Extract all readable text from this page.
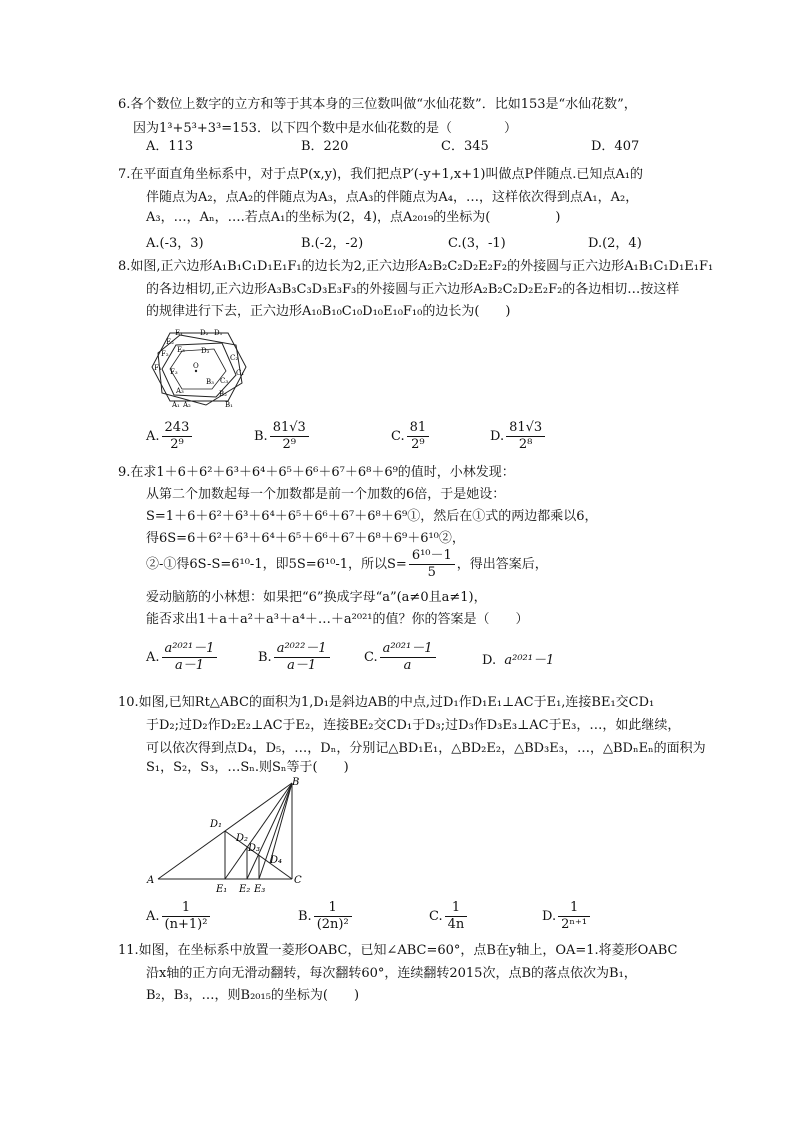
6.各个数位上数字的立方和等于其本身的三位数叫做“水仙花数”．比如153是“水仙花数”，
因为1³+5³+3³=153．以下四个数中是水仙花数的是（　　　　）
A．113	B．220	C．345	D．407
7.在平面直角坐标系中，对于点P(x,y)，我们把点P′(-y+1,x+1)叫做点P伴随点.已知点A₁的
伴随点为A₂，点A₂的伴随点为A₃，点A₃的伴随点为A₄，…，这样依次得到点A₁，A₂，
A₃，…，Aₙ，….若点A₁的坐标为(2，4)，点A₂₀₁₉的坐标为(　　　　　)
A.(-3，3)	B.(-2，-2)	C.(3，-1)	D.(2，4)
8.如图,正六边形A₁B₁C₁D₁E₁F₁的边长为2,正六边形A₂B₂C₂D₂E₂F₂的外接圆与正六边形A₁B₁C₁D₁E₁F₁
的各边相切,正六边形A₃B₃C₃D₃E₃F₃的外接圆与正六边形A₂B₂C₂D₂E₂F₂的各边相切…按这样
的规律进行下去，正六边形A₁₀B₁₀C₁₀D₁₀E₁₀F₁₀的边长为(　　)
E₁ D₂ D₁
E₂
E₃ D₃
C₂
F₂
F₁ F₃
O
B₃
C₁
A₃	B₂
A₁ A₂	B₁
C₃
A. $\frac{243}{\text{2⁹}}$	B. $\frac{81√3}{\text{2⁹}}$	C. $\frac{81}{\text{2⁹}}$	D. $\frac{81√3}{\text{2⁸}}$
9.在求1＋6＋6²＋6³＋6⁴＋6⁵＋6⁶＋6⁷＋6⁸＋6⁹的值时，小林发现：
从第二个加数起每一个加数都是前一个加数的6倍，于是她设：
S=1＋6＋6²＋6³＋6⁴＋6⁵＋6⁶＋6⁷＋6⁸＋6⁹①，然后在①式的两边都乘以6，
得6S=6＋6²＋6³＋6⁴＋6⁵＋6⁶＋6⁷＋6⁸＋6⁹＋6¹⁰②，
②-①得6S-S=6¹⁰-1，即5S=6¹⁰-1，所以$S= \frac{\text{6¹⁰－1}}{5}$ ，得出答案后，
爱动脑筋的小林想：如果把“6”换成字母“a”(a≠0且a≠1)，
能否求出1＋a＋a²＋a³＋a⁴＋…＋a²⁰²¹的值？你的答案是（　　）
A. $\frac{\text{a²⁰²¹－1}}{a-1}$	B. $\frac{\text{a²⁰²²－1}}{a-1}$	C. $\frac{\text{a²⁰²¹－1}}{a}$	D. a²⁰²¹－1
10.如图,已知Rt△ABC的面积为1,D₁是斜边AB的中点,过D₁作D₁E₁⊥AC于E₁,连接BE₁交CD₁
于D₂;过D₂作D₂E₂⊥AC于E₂，连接BE₂交CD₁于D₃;过D₃作D₃E₃⊥AC于E₃，…，如此继续，
可以依次得到点D₄，D₅，…，Dₙ，分别记△BD₁E₁，△BD₂E₂，△BD₃E₃，…，△BDₙEₙ的面积为
S₁，S₂，S₃，…Sₙ.则Sₙ等于(　　)
B
D₁
D₂
D₃
D₄
A
E₁ E₂ E₃
C
A. $\frac{1}{\text{(n+1)²}}$	B. $\frac{1}{\text{(2n)²}}$	C. $\frac{1}{4n}$	D. $\frac{1}{\text{2ⁿ⁺¹}}$
11.如图，在坐标系中放置一菱形OABC，已知∠ABC=60°，点B在y轴上，OA=1.将菱形OABC
沿x轴的正方向无滑动翻转，每次翻转60°，连续翻转2015次，点B的落点依次为B₁，
B₂，B₃，…，则B₂₀₁₅的坐标为(　　)
